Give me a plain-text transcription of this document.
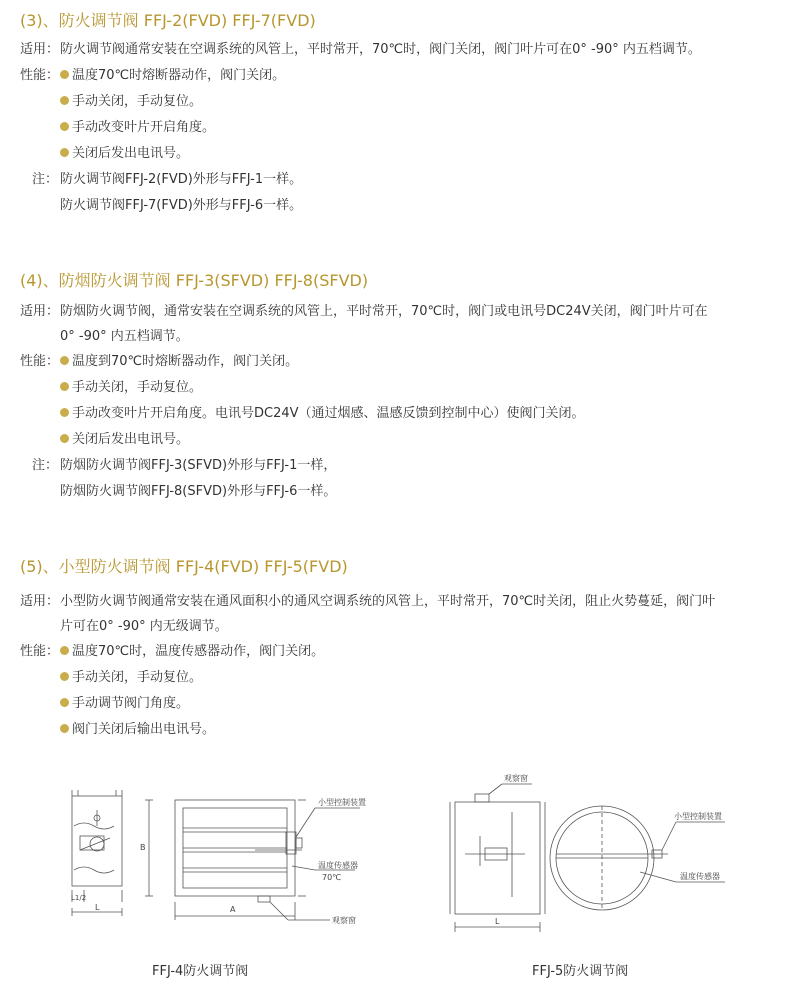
(3)、防火调节阀 FFJ-2(FVD) FFJ-7(FVD)
适用： 防火调节阀通常安装在空调系统的风管上，平时常开，70℃时，阀门关闭，阀门叶片可在0° -90° 内五档调节。
性能： 温度70℃时熔断器动作，阀门关闭。
手动关闭，手动复位。
手动改变叶片开启角度。
关闭后发出电讯号。
注： 防火调节阀FFJ-2(FVD)外形与FFJ-1一样。
防火调节阀FFJ-7(FVD)外形与FFJ-6一样。
(4)、防烟防火调节阀 FFJ-3(SFVD) FFJ-8(SFVD)
适用： 防烟防火调节阀，通常安装在空调系统的风管上，平时常开，70℃时，阀门或电讯号DC24V关闭，阀门叶片可在
0° -90° 内五档调节。
性能： 温度到70℃时熔断器动作，阀门关闭。
手动关闭，手动复位。
手动改变叶片开启角度。电讯号DC24V（通过烟感、温感反馈到控制中心）使阀门关闭。
关闭后发出电讯号。
注： 防烟防火调节阀FFJ-3(SFVD)外形与FFJ-1一样，
防烟防火调节阀FFJ-8(SFVD)外形与FFJ-6一样。
(5)、小型防火调节阀 FFJ-4(FVD) FFJ-5(FVD)
适用： 小型防火调节阀通常安装在通风面积小的通风空调系统的风管上，平时常开，70℃时关闭，阻止火势蔓延，阀门叶
片可在0° -90° 内无级调节。
性能： 温度70℃时，温度传感器动作，阀门关闭。
手动关闭，手动复位。
手动调节阀门角度。
阀门关闭后输出电讯号。
小型控制装置
温度传感器
70℃
观察窗
A
B
L
L1/2
观察窗
小型控制装置
温度传感器
L
FFJ-4防火调节阀	FFJ-5防火调节阀
